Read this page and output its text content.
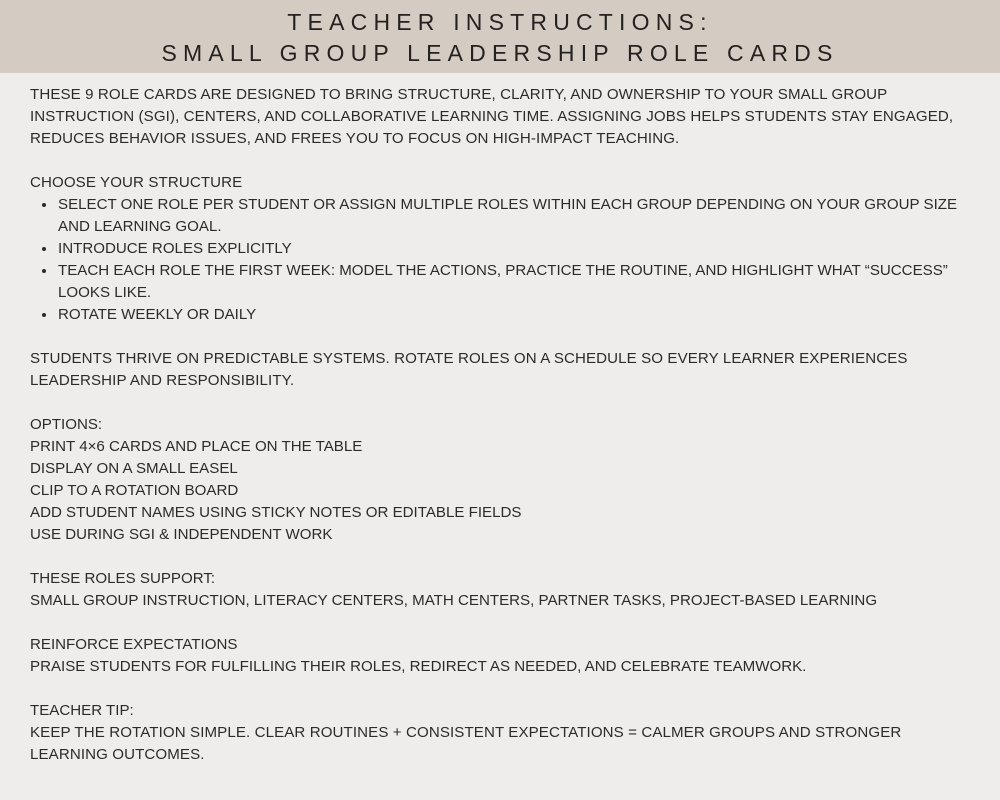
TEACHER INSTRUCTIONS:
SMALL GROUP LEADERSHIP ROLE CARDS

THESE 9 ROLE CARDS ARE DESIGNED TO BRING STRUCTURE, CLARITY, AND OWNERSHIP TO YOUR SMALL GROUP INSTRUCTION (SGI), CENTERS, AND COLLABORATIVE LEARNING TIME. ASSIGNING JOBS HELPS STUDENTS STAY ENGAGED, REDUCES BEHAVIOR ISSUES, AND FREES YOU TO FOCUS ON HIGH-IMPACT TEACHING.

CHOOSE YOUR STRUCTURE

SELECT ONE ROLE PER STUDENT OR ASSIGN MULTIPLE ROLES WITHIN EACH GROUP DEPENDING ON YOUR GROUP SIZE AND LEARNING GOAL.
INTRODUCE ROLES EXPLICITLY
TEACH EACH ROLE THE FIRST WEEK: MODEL THE ACTIONS, PRACTICE THE ROUTINE, AND HIGHLIGHT WHAT “SUCCESS” LOOKS LIKE.
ROTATE WEEKLY OR DAILY

STUDENTS THRIVE ON PREDICTABLE SYSTEMS. ROTATE ROLES ON A SCHEDULE SO EVERY LEARNER EXPERIENCES LEADERSHIP AND RESPONSIBILITY.

OPTIONS:
PRINT 4×6 CARDS AND PLACE ON THE TABLE
DISPLAY ON A SMALL EASEL
CLIP TO A ROTATION BOARD
ADD STUDENT NAMES USING STICKY NOTES OR EDITABLE FIELDS
USE DURING SGI & INDEPENDENT WORK
THESE ROLES SUPPORT:
SMALL GROUP INSTRUCTION, LITERACY CENTERS, MATH CENTERS, PARTNER TASKS, PROJECT-BASED LEARNING
REINFORCE EXPECTATIONS
PRAISE STUDENTS FOR FULFILLING THEIR ROLES, REDIRECT AS NEEDED, AND CELEBRATE TEAMWORK.
TEACHER TIP:

KEEP THE ROTATION SIMPLE. CLEAR ROUTINES + CONSISTENT EXPECTATIONS = CALMER GROUPS AND STRONGER LEARNING OUTCOMES.
